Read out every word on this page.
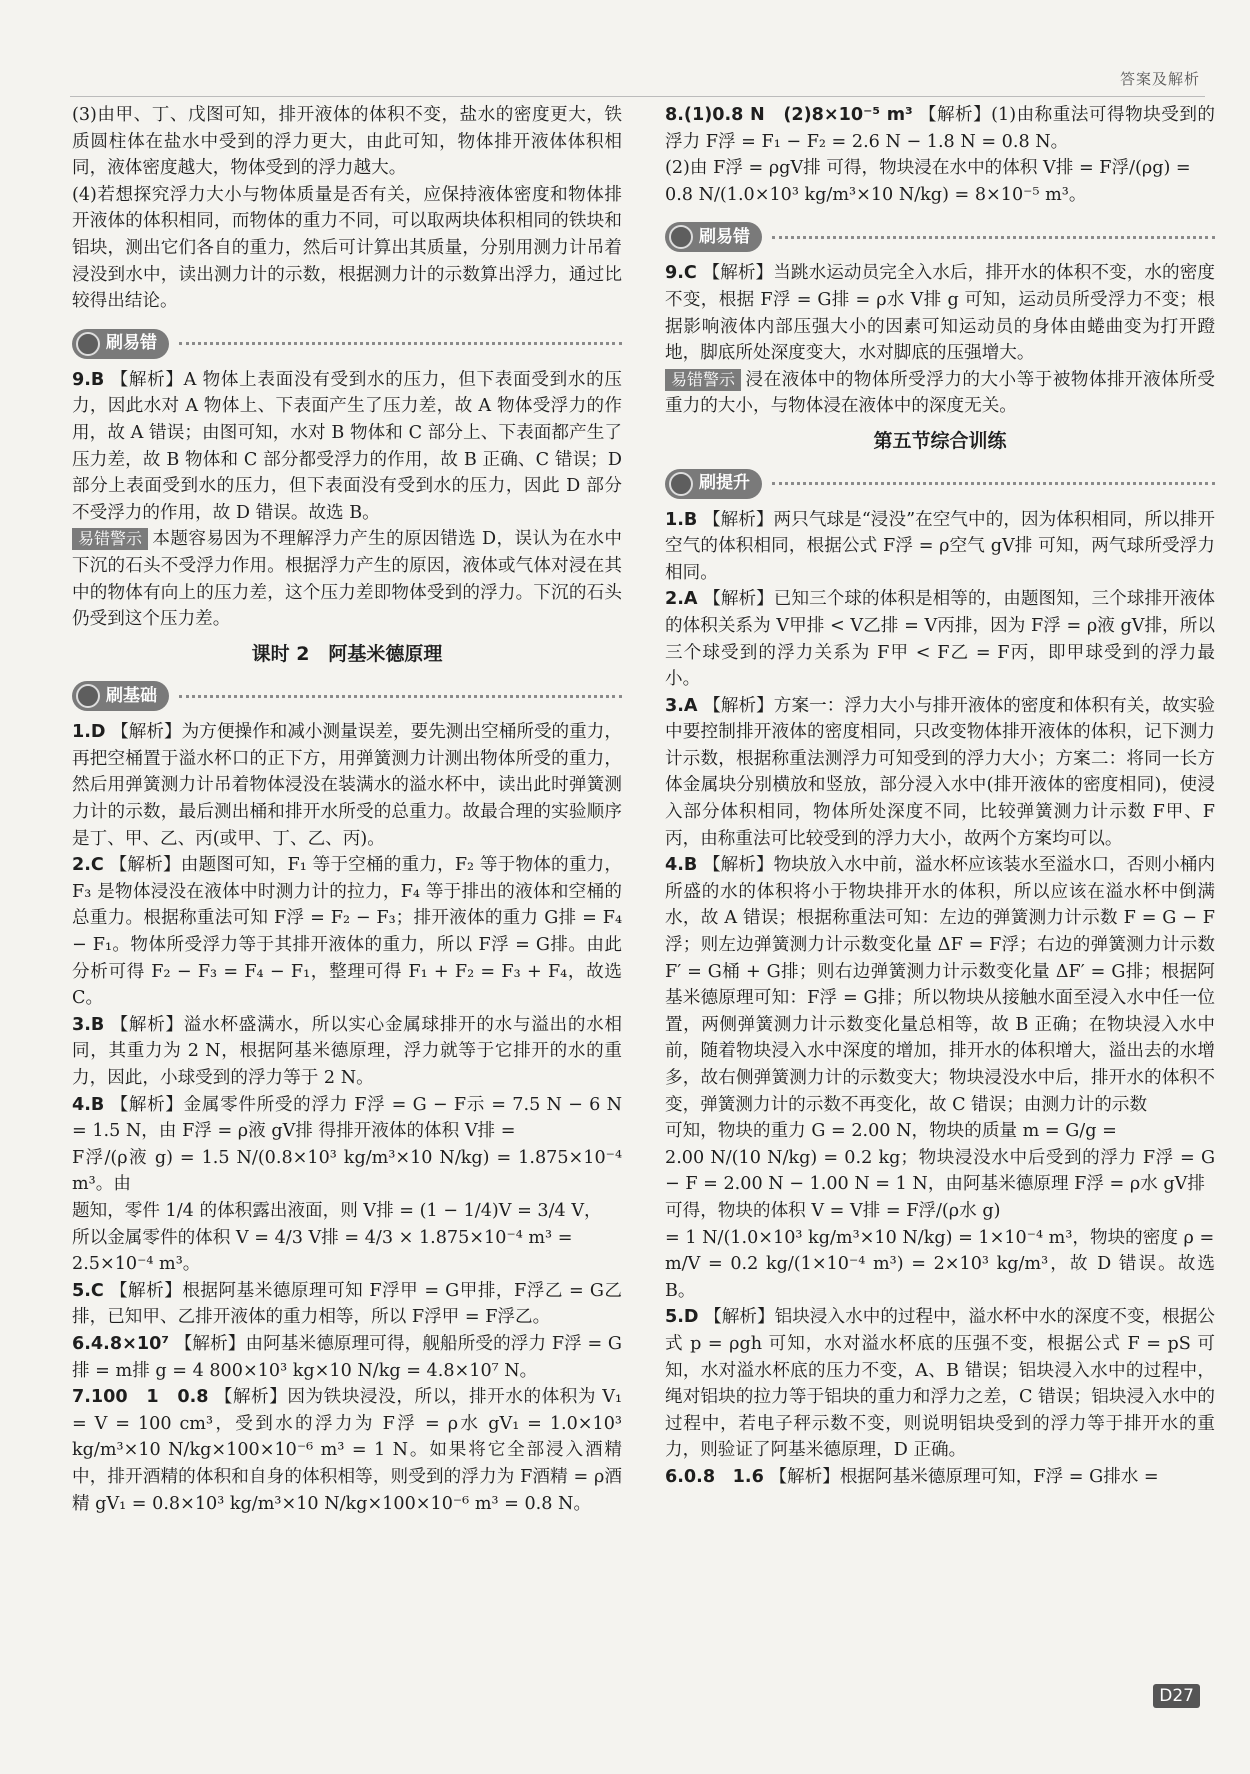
答案及解析

(3)由甲、丁、戊图可知，排开液体的体积不变，盐水的密度更大，铁质圆柱体在盐水中受到的浮力更大，由此可知，物体排开液体体积相同，液体密度越大，物体受到的浮力越大。

(4)若想探究浮力大小与物体质量是否有关，应保持液体密度和物体排开液体的体积相同，而物体的重力不同，可以取两块体积相同的铁块和铝块，测出它们各自的重力，然后可计算出其质量，分别用测力计吊着浸没到水中，读出测力计的示数，根据测力计的示数算出浮力，通过比较得出结论。

刷易错

9.B 【解析】A 物体上表面没有受到水的压力，但下表面受到水的压力，因此水对 A 物体上、下表面产生了压力差，故 A 物体受浮力的作用，故 A 错误；由图可知，水对 B 物体和 C 部分上、下表面都产生了压力差，故 B 物体和 C 部分都受浮力的作用，故 B 正确、C 错误；D 部分上表面受到水的压力，但下表面没有受到水的压力，因此 D 部分不受浮力的作用，故 D 错误。故选 B。

易错警示 本题容易因为不理解浮力产生的原因错选 D，误认为在水中下沉的石头不受浮力作用。根据浮力产生的原因，液体或气体对浸在其中的物体有向上的压力差，这个压力差即物体受到的浮力。下沉的石头仍受到这个压力差。

课时 2　阿基米德原理
刷基础

1.D 【解析】为方便操作和减小测量误差，要先测出空桶所受的重力，再把空桶置于溢水杯口的正下方，用弹簧测力计测出物体所受的重力，然后用弹簧测力计吊着物体浸没在装满水的溢水杯中，读出此时弹簧测力计的示数，最后测出桶和排开水所受的总重力。故最合理的实验顺序是丁、甲、乙、丙(或甲、丁、乙、丙)。

2.C 【解析】由题图可知，F₁ 等于空桶的重力，F₂ 等于物体的重力，F₃ 是物体浸没在液体中时测力计的拉力，F₄ 等于排出的液体和空桶的总重力。根据称重法可知 F浮 = F₂ − F₃；排开液体的重力 G排 = F₄ − F₁。物体所受浮力等于其排开液体的重力，所以 F浮 = G排。由此分析可得 F₂ − F₃ = F₄ − F₁，整理可得 F₁ + F₂ = F₃ + F₄，故选 C。

3.B 【解析】溢水杯盛满水，所以实心金属球排开的水与溢出的水相同，其重力为 2 N，根据阿基米德原理，浮力就等于它排开的水的重力，因此，小球受到的浮力等于 2 N。

4.B 【解析】金属零件所受的浮力 F浮 = G − F示 = 7.5 N − 6 N = 1.5 N，由 F浮 = ρ液 gV排 得排开液体的体积 V排 =

F浮/(ρ液 g) = 1.5 N/(0.8×10³ kg/m³×10 N/kg) = 1.875×10⁻⁴ m³。由

题知，零件 1/4 的体积露出液面，则 V排 = (1 − 1/4)V = 3/4 V，

所以金属零件的体积 V = 4/3 V排 = 4/3 × 1.875×10⁻⁴ m³ =

2.5×10⁻⁴ m³。

5.C 【解析】根据阿基米德原理可知 F浮甲 = G甲排，F浮乙 = G乙排，已知甲、乙排开液体的重力相等，所以 F浮甲 = F浮乙。

6.4.8×10⁷ 【解析】由阿基米德原理可得，舰船所受的浮力 F浮 = G排 = m排 g = 4 800×10³ kg×10 N/kg = 4.8×10⁷ N。

7.100　1　0.8 【解析】因为铁块浸没，所以，排开水的体积为 V₁ = V = 100 cm³，受到水的浮力为 F浮 = ρ水 gV₁ = 1.0×10³ kg/m³×10 N/kg×100×10⁻⁶ m³ = 1 N。如果将它全部浸入酒精中，排开酒精的体积和自身的体积相等，则受到的浮力为 F酒精 = ρ酒精 gV₁ = 0.8×10³ kg/m³×10 N/kg×100×10⁻⁶ m³ = 0.8 N。

8.(1)0.8 N　(2)8×10⁻⁵ m³ 【解析】(1)由称重法可得物块受到的浮力 F浮 = F₁ − F₂ = 2.6 N − 1.8 N = 0.8 N。

(2)由 F浮 = ρgV排 可得，物块浸在水中的体积 V排 = F浮/(ρg) =

0.8 N/(1.0×10³ kg/m³×10 N/kg) = 8×10⁻⁵ m³。

刷易错

9.C 【解析】当跳水运动员完全入水后，排开水的体积不变，水的密度不变，根据 F浮 = G排 = ρ水 V排 g 可知，运动员所受浮力不变；根据影响液体内部压强大小的因素可知运动员的身体由蜷曲变为打开蹬地，脚底所处深度变大，水对脚底的压强增大。

易错警示 浸在液体中的物体所受浮力的大小等于被物体排开液体所受重力的大小，与物体浸在液体中的深度无关。

第五节综合训练
刷提升

1.B 【解析】两只气球是“浸没”在空气中的，因为体积相同，所以排开空气的体积相同，根据公式 F浮 = ρ空气 gV排 可知，两气球所受浮力相同。

2.A 【解析】已知三个球的体积是相等的，由题图知，三个球排开液体的体积关系为 V甲排 < V乙排 = V丙排，因为 F浮 = ρ液 gV排，所以三个球受到的浮力关系为 F甲 < F乙 = F丙，即甲球受到的浮力最小。

3.A 【解析】方案一：浮力大小与排开液体的密度和体积有关，故实验中要控制排开液体的密度相同，只改变物体排开液体的体积，记下测力计示数，根据称重法测浮力可知受到的浮力大小；方案二：将同一长方体金属块分别横放和竖放，部分浸入水中(排开液体的密度相同)，使浸入部分体积相同，物体所处深度不同，比较弹簧测力计示数 F甲、F丙，由称重法可比较受到的浮力大小，故两个方案均可以。

4.B 【解析】物块放入水中前，溢水杯应该装水至溢水口，否则小桶内所盛的水的体积将小于物块排开水的体积，所以应该在溢水杯中倒满水，故 A 错误；根据称重法可知：左边的弹簧测力计示数 F = G − F浮；则左边弹簧测力计示数变化量 ΔF = F浮；右边的弹簧测力计示数 F′ = G桶 + G排；则右边弹簧测力计示数变化量 ΔF′ = G排；根据阿基米德原理可知：F浮 = G排；所以物块从接触水面至浸入水中任一位置，两侧弹簧测力计示数变化量总相等，故 B 正确；在物块浸入水中前，随着物块浸入水中深度的增加，排开水的体积增大，溢出去的水增多，故右侧弹簧测力计的示数变大；物块浸没水中后，排开水的体积不变，弹簧测力计的示数不再变化，故 C 错误；由测力计的示数

可知，物块的重力 G = 2.00 N，物块的质量 m = G/g =

2.00 N/(10 N/kg) = 0.2 kg；物块浸没水中后受到的浮力 F浮 = G − F = 2.00 N − 1.00 N = 1 N，由阿基米德原理 F浮 = ρ水 gV排

可得，物块的体积 V = V排 = F浮/(ρ水 g)

= 1 N/(1.0×10³ kg/m³×10 N/kg) = 1×10⁻⁴ m³，物块的密度 ρ =

m/V = 0.2 kg/(1×10⁻⁴ m³) = 2×10³ kg/m³，故 D 错误。故选 B。

5.D 【解析】铝块浸入水中的过程中，溢水杯中水的深度不变，根据公式 p = ρgh 可知，水对溢水杯底的压强不变，根据公式 F = pS 可知，水对溢水杯底的压力不变，A、B 错误；铝块浸入水中的过程中，绳对铝块的拉力等于铝块的重力和浮力之差，C 错误；铝块浸入水中的过程中，若电子秤示数不变，则说明铝块受到的浮力等于排开水的重力，则验证了阿基米德原理，D 正确。

6.0.8　1.6 【解析】根据阿基米德原理可知，F浮 = G排水 =

D27
